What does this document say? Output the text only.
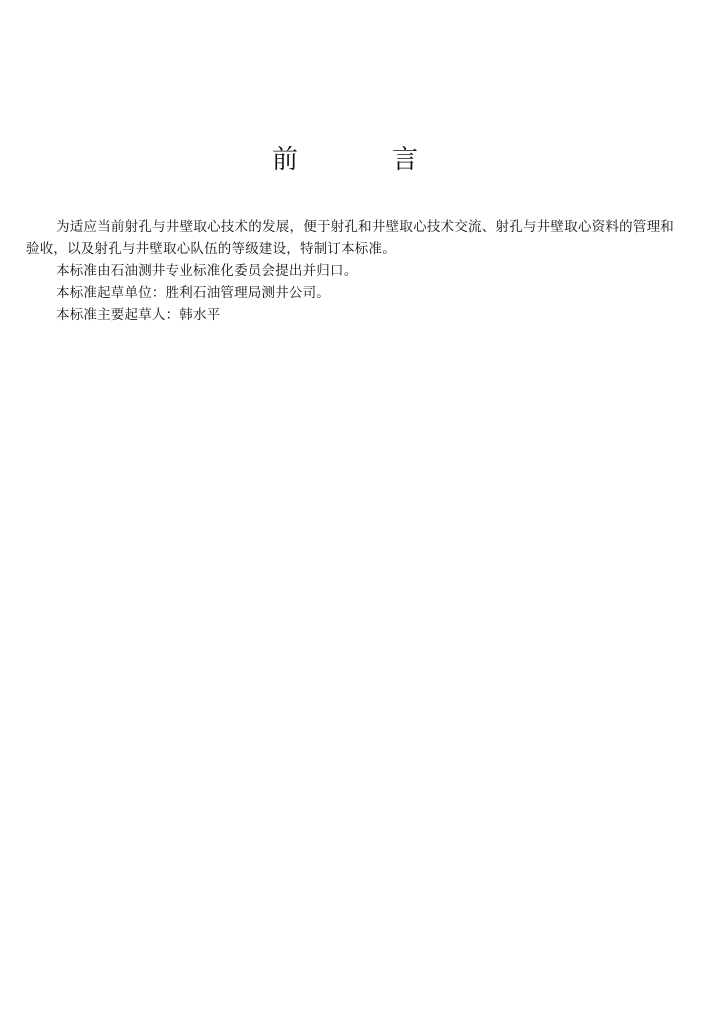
前	言

为适应当前射孔与井壁取心技术的发展，便于射孔和井壁取心技术交流、射孔与井壁取心资料的管理和验收，以及射孔与井壁取心队伍的等级建设，特制订本标准。

本标准由石油测井专业标准化委员会提出并归口。

本标准起草单位：胜利石油管理局测井公司。

本标准主要起草人：韩水平
